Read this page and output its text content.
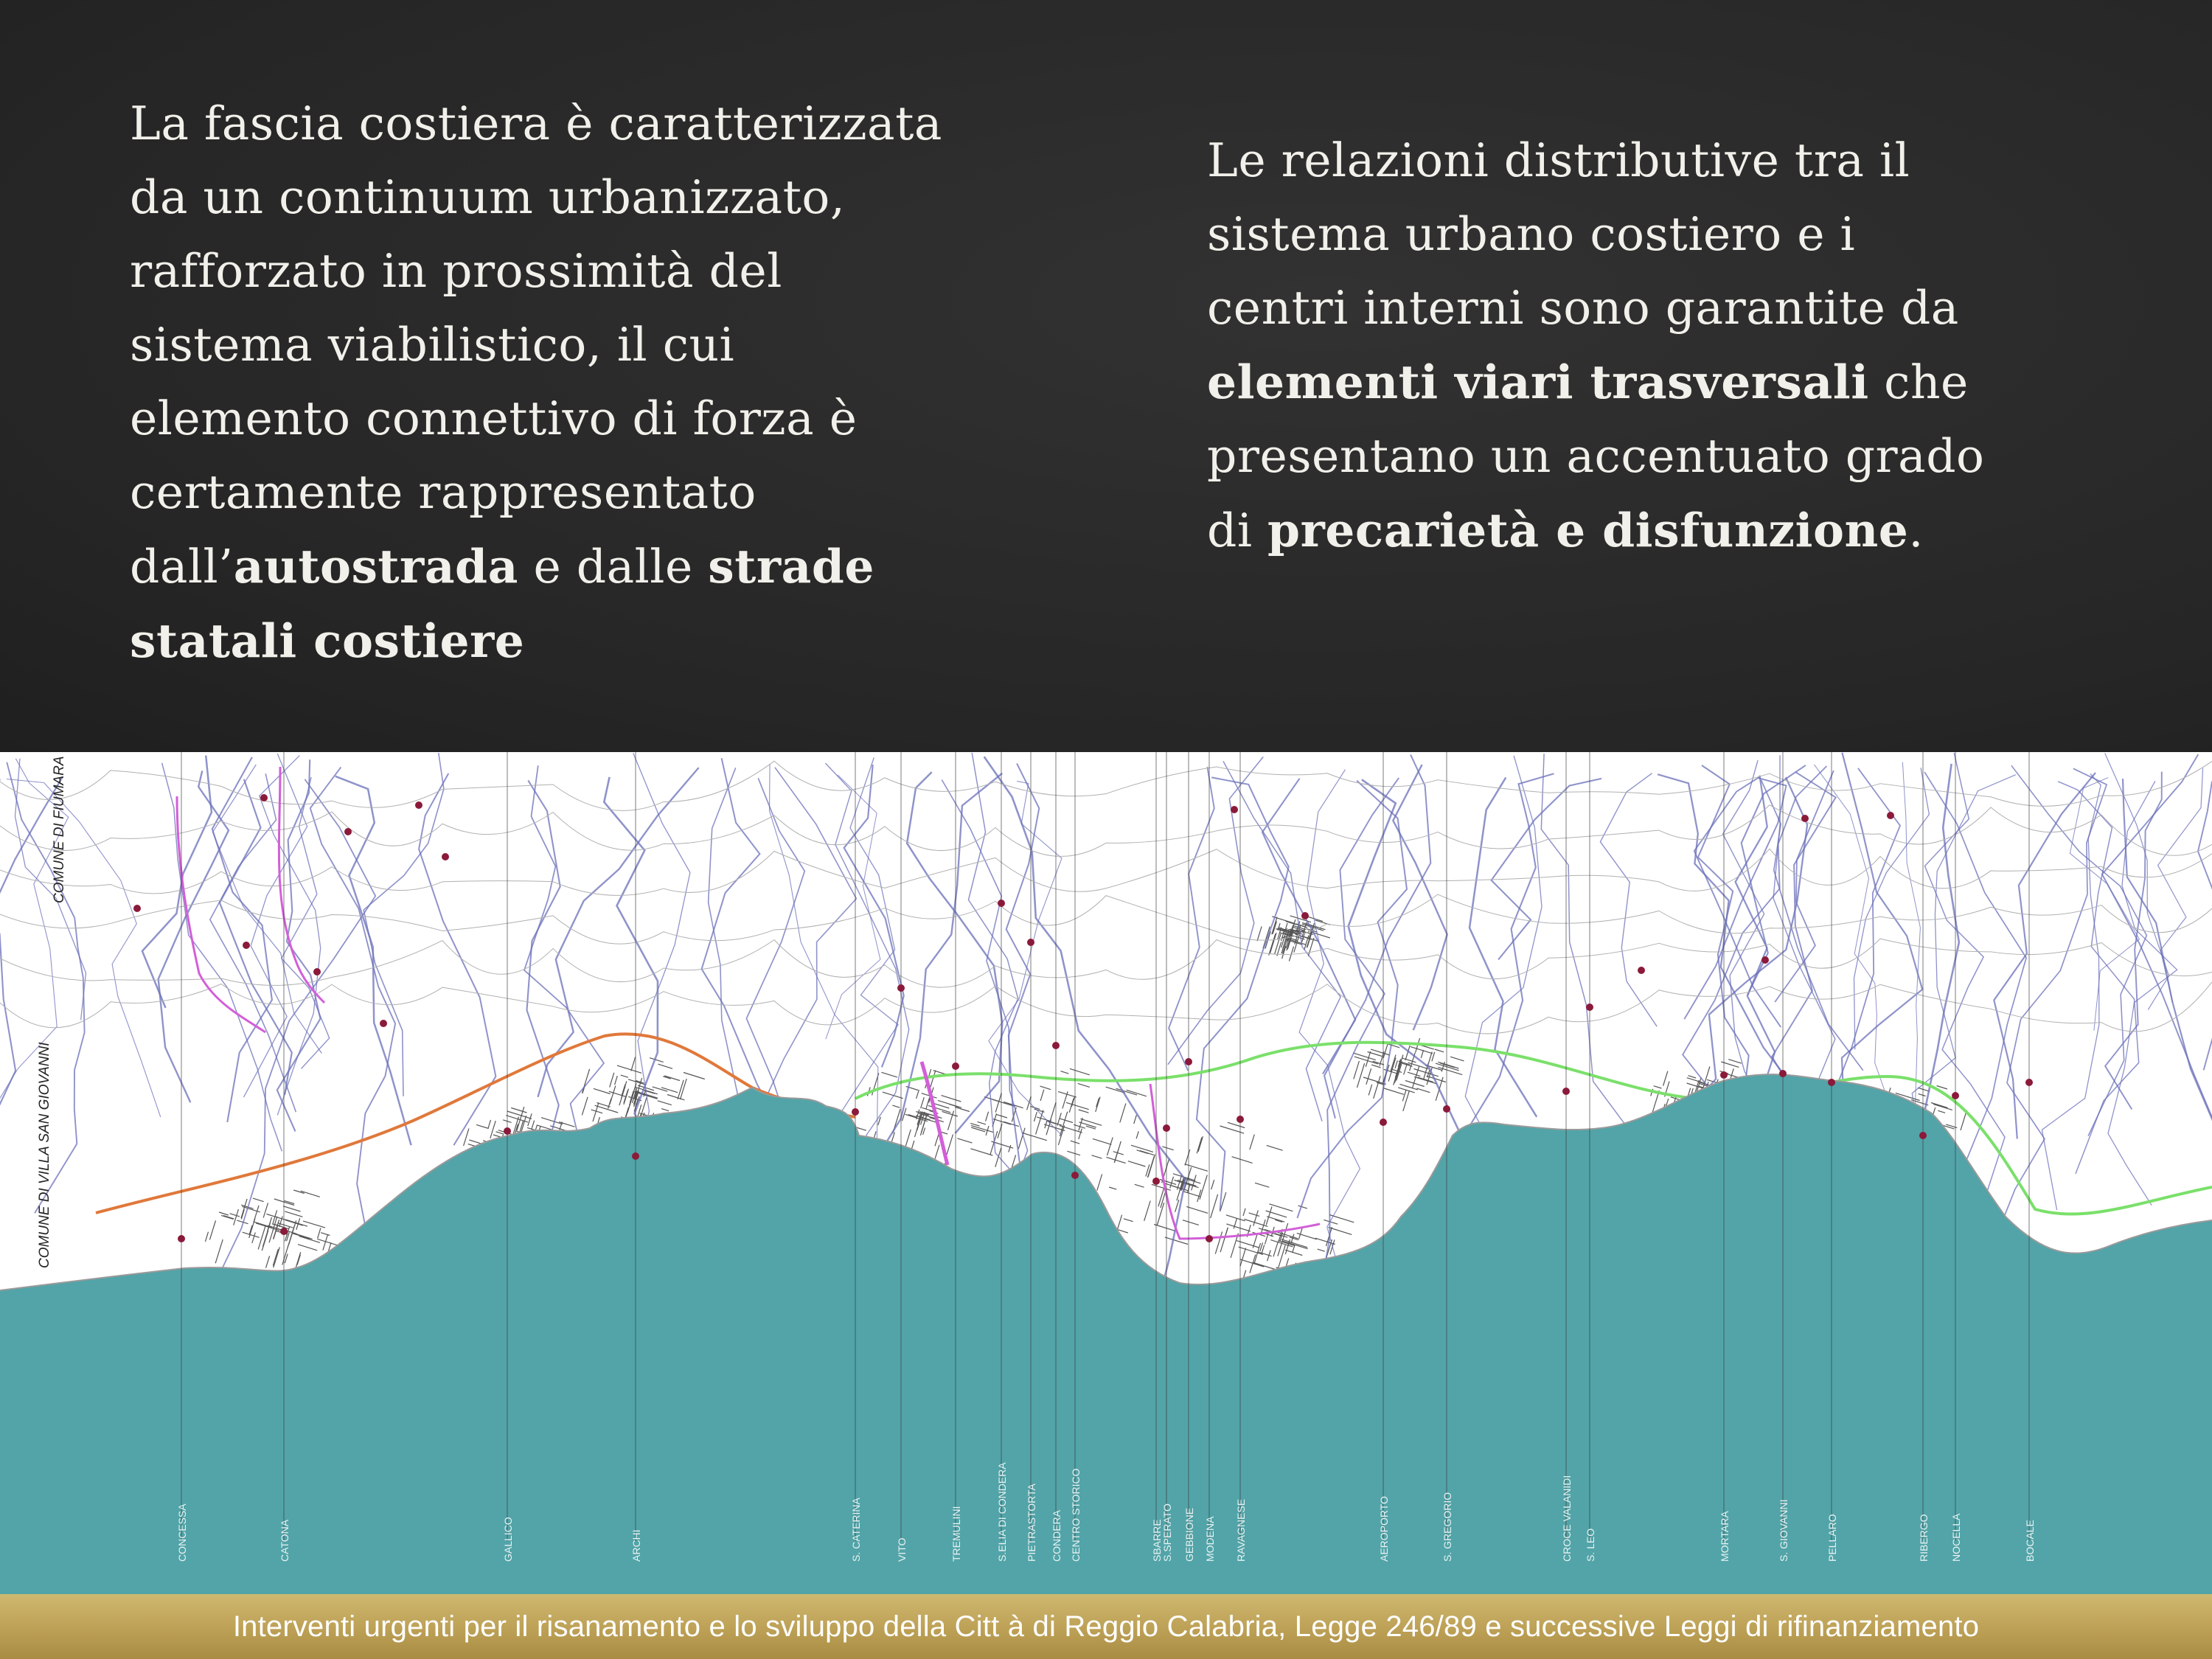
La fascia costiera è caratterizzata
da un continuum urbanizzato,
rafforzato in prossimità del
sistema viabilistico, il cui
elemento connettivo di forza è
certamente rappresentato
dall’autostrada e dalle strade
statali costiere
Le relazioni distributive tra il
sistema urbano costiero e i
centri interni sono garantite da
elementi viari trasversali che
presentano un accentuato grado
di precarietà e disfunzione.
CONCESSA	CATONA	GALLICO	ARCHI	S. CATERINA	VITO	TREMULINI	S.ELIA DI CONDERA PIETRASTORTA CONDERA CENTRO STORICO	SBARRE
S.SPERATO GEBBIONE MODENA RAVAGNESE	AEROPORTO	S. GREGORIO	CROCE VALANIDI S. LEO	MORTARA	S. GIOVANNI	PELLARO	RIBERGO NOCELLA	BOCALE
COMUNE DI FIUMARA
COMUNE DI VILLA SAN GIOVANNI
Interventi urgenti per il risanamento e lo sviluppo della Citt à di Reggio Calabria, Legge 246/89 e successive Leggi di rifinanziamento
